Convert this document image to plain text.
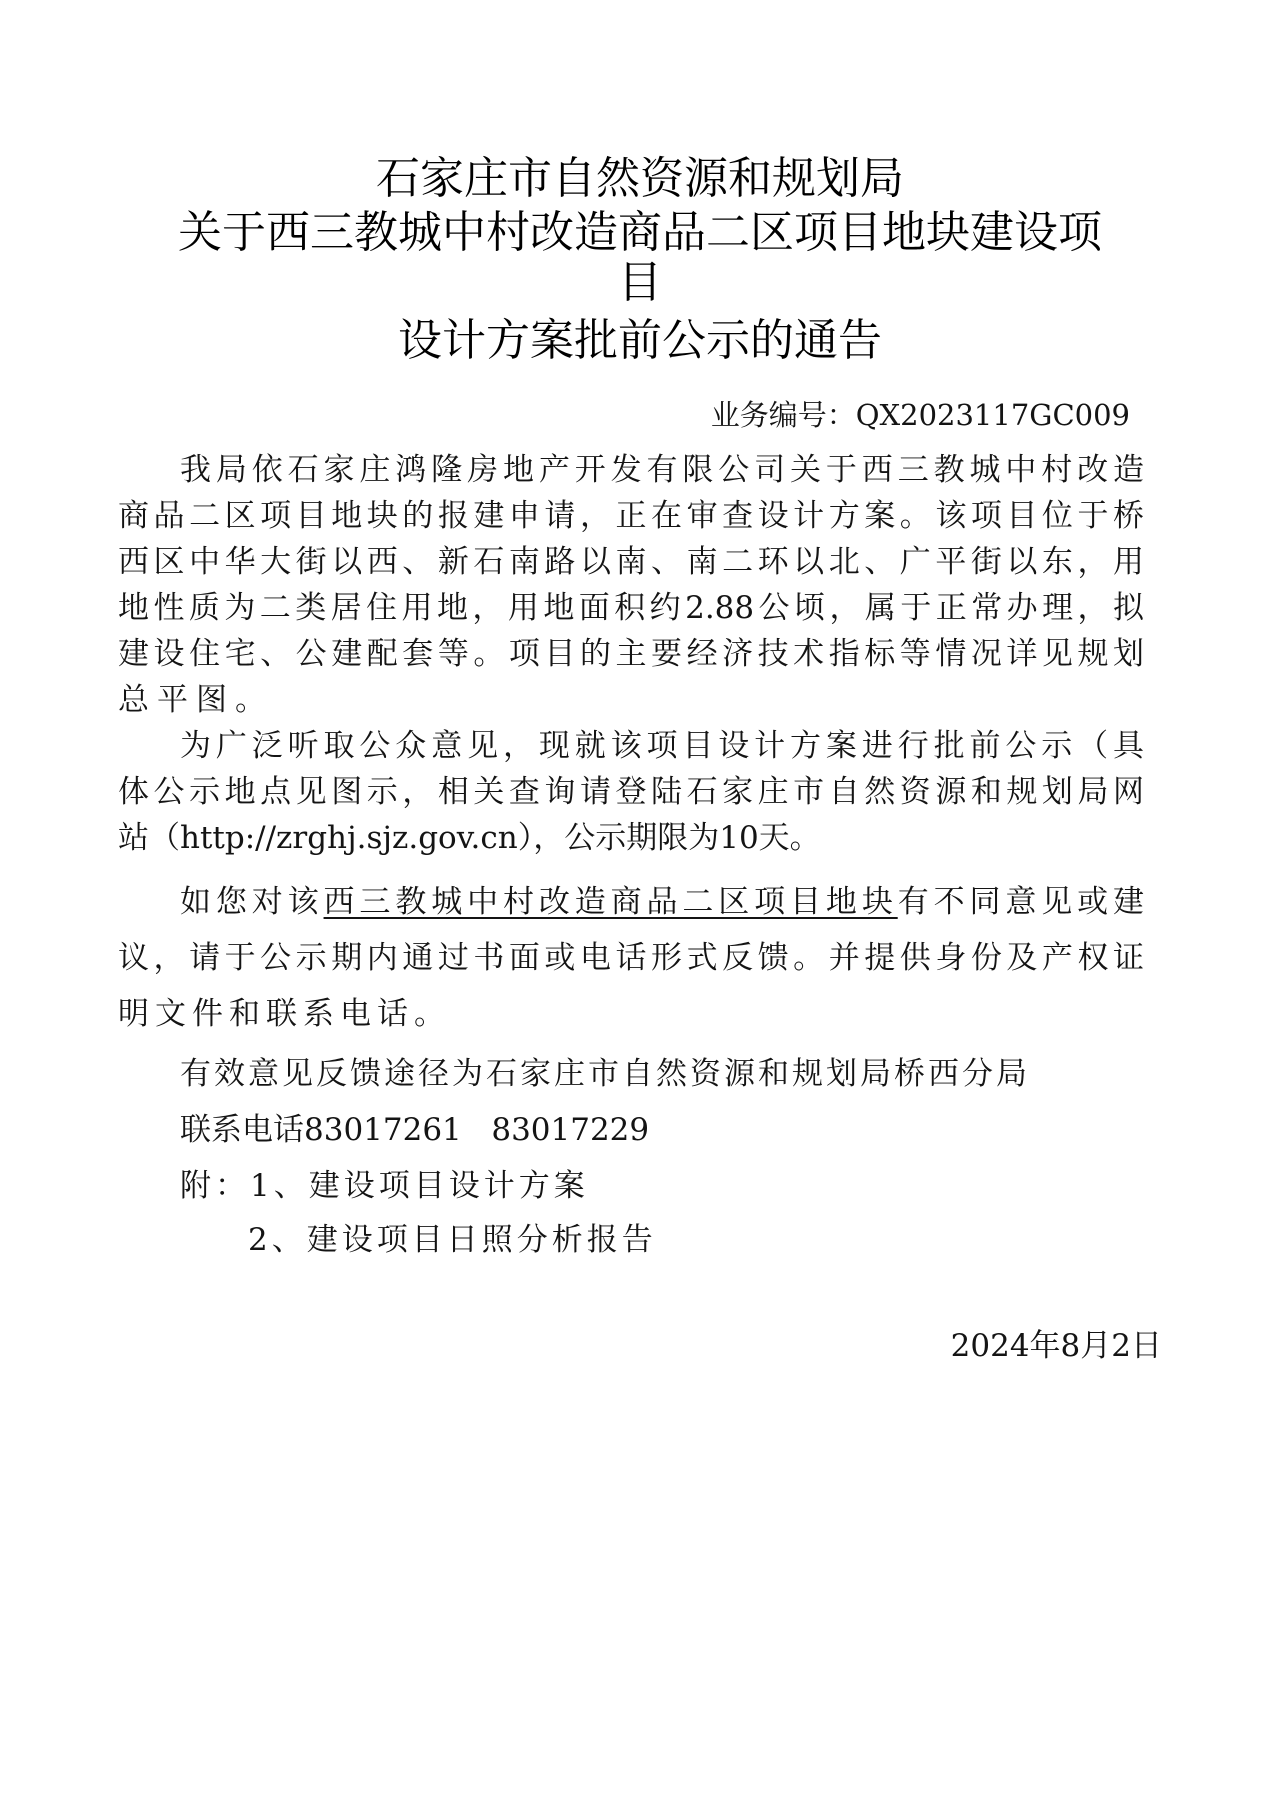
石家庄市自然资源和规划局
关于西三教城中村改造商品二区项目地块建设项
目
设计方案批前公示的通告
业务编号：QX2023117GC009
我局依石家庄鸿隆房地产开发有限公司关于西三教城中村改造
商品二区项目地块的报建申请，正在审查设计方案。该项目位于桥
西区中华大街以西、新石南路以南、南二环以北、广平街以东，用
地性质为二类居住用地，用地面积约2.88公顷，属于正常办理，拟
建设住宅、公建配套等。项目的主要经济技术指标等情况详见规划
总平图。
为广泛听取公众意见，现就该项目设计方案进行批前公示（具
体公示地点见图示，相关查询请登陆石家庄市自然资源和规划局网
站（http://zrghj.sjz.gov.cn），公示期限为10天。
如您对该西三教城中村改造商品二区项目地块有不同意见或建
议，请于公示期内通过书面或电话形式反馈。并提供身份及产权证
明文件和联系电话。
有效意见反馈途径为石家庄市自然资源和规划局桥西分局
联系电话83017261   83017229
附：1、建设项目设计方案
2、建设项目日照分析报告
2024年8月2日
